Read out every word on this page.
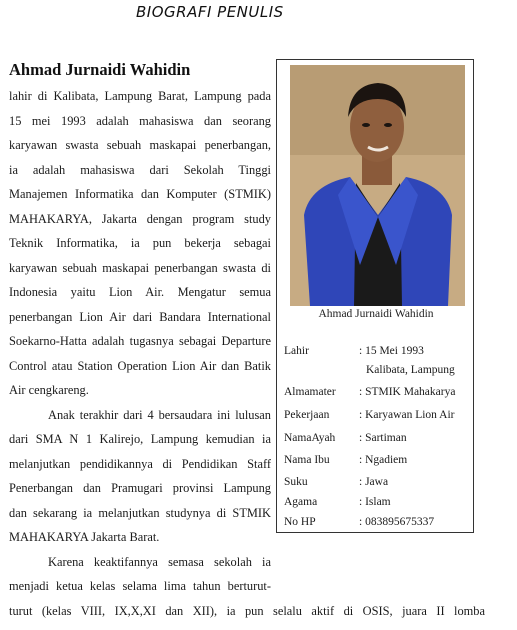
BIOGRAFI PENULIS
Ahmad Jurnaidi Wahidin
lahir di Kalibata, Lampung Barat, Lampung pada
15 mei 1993 adalah mahasiswa dan seorang
karyawan swasta sebuah maskapai penerbangan,
ia adalah mahasiswa dari Sekolah Tinggi
Manajemen Informatika dan Komputer (STMIK)
MAHAKARYA, Jakarta dengan program study
Teknik Informatika, ia pun bekerja sebagai
karyawan sebuah maskapai penerbangan swasta di
Indonesia yaitu Lion Air. Mengatur semua
penerbangan Lion Air dari Bandara International
Soekarno-Hatta adalah tugasnya sebagai Departure
Control atau Station Operation Lion Air dan Batik
Air cengkareng.
Anak terakhir dari 4 bersaudara ini lulusan
dari SMA N 1 Kalirejo, Lampung kemudian ia
melanjutkan pendidikannya di Pendidikan Staff
Penerbangan dan Pramugari provinsi Lampung
dan sekarang ia melanjutkan studynya di STMIK
MAHAKARYA Jakarta Barat.
Karena keaktifannya semasa sekolah ia
menjadi ketua kelas selama lima tahun berturut-
turut (kelas VIII, IX,X,XI dan XII), ia pun selalu aktif di OSIS, juara II lomba
Ahmad Jurnaidi Wahidin
Lahir	: 15 Mei 1993
Kalibata, Lampung
Almamater : STMIK Mahakarya
Pekerjaan	: Karyawan Lion Air
NamaAyah : Sartiman
Nama Ibu	: Ngadiem
Suku	: Jawa
Agama	: Islam
No HP	: 083895675337
